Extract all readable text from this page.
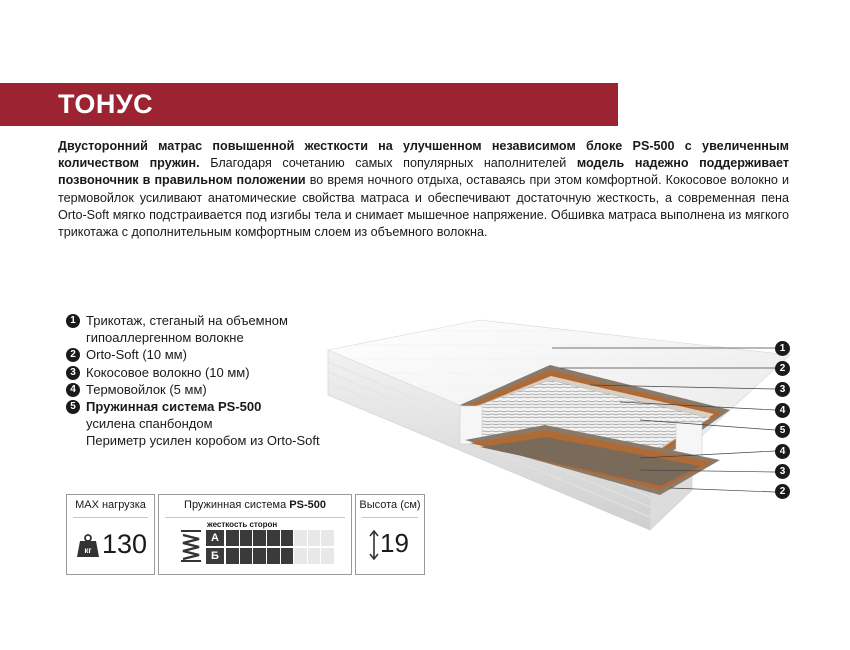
ТОНУС
Двусторонний матрас повышенной жесткости на улучшенном независимом блоке PS-500 с увеличенным количеством пружин. Благодаря сочетанию самых популярных наполнителей модель надежно поддерживает позвоночник в правильном положении во время ночного отдыха, оставаясь при этом комфортной. Кокосовое волокно и термовойлок усиливают анатомические свойства матраса и обеспечивают достаточную жесткость, а современная пена Orto-Soft мягко подстраивается под изгибы тела и снимает мышечное напряжение. Обшивка матраса выполнена из мягкого трикотажа с дополнительным комфортным слоем из объемного волокна.
1 Трикотаж, стеганый на объемном
гипоаллергенном волокне
2 Orto-Soft (10 мм)
3 Кокосовое волокно (10 мм)
4 Термовойлок (5 мм)
5 Пружинная система PS-500
усилена спанбондом
Периметр усилен коробом из Orto-Soft
1
2
3
4
5
4
3
2
MAX нагрузка
кг 130
Пружинная система PS-500
жесткость сторон
А
Б
Высота (см)
19
